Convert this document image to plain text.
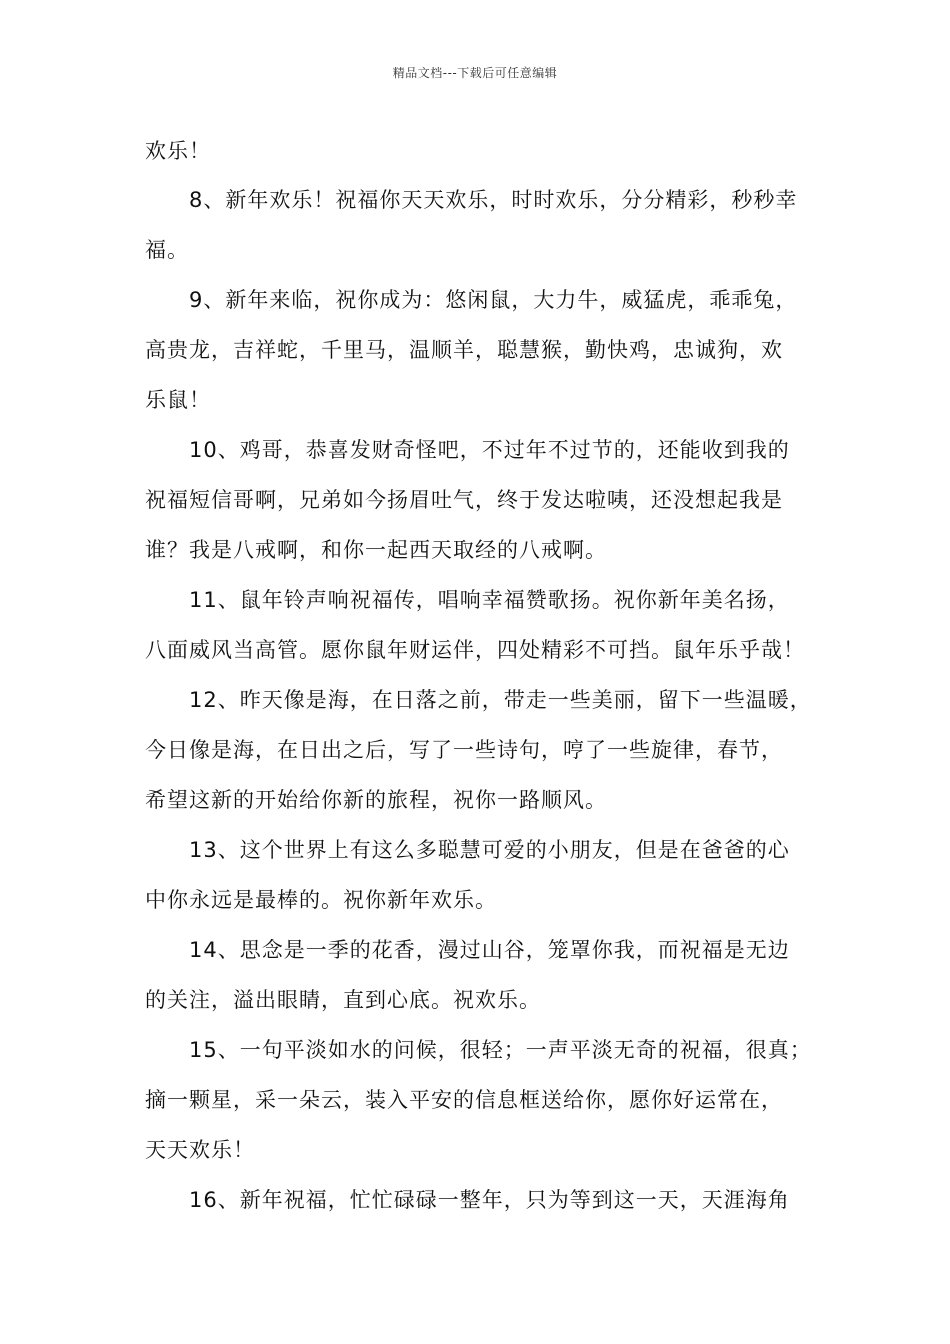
精品文档---下载后可任意编辑
欢乐！
8、新年欢乐！祝福你天天欢乐，时时欢乐，分分精彩，秒秒幸
福。
9、新年来临，祝你成为：悠闲鼠，大力牛，威猛虎，乖乖兔，
高贵龙，吉祥蛇，千里马，温顺羊，聪慧猴，勤快鸡，忠诚狗，欢
乐鼠！
10、鸡哥，恭喜发财奇怪吧，不过年不过节的，还能收到我的
祝福短信哥啊，兄弟如今扬眉吐气，终于发达啦咦，还没想起我是
谁？我是八戒啊，和你一起西天取经的八戒啊。
11、鼠年铃声响祝福传，唱响幸福赞歌扬。祝你新年美名扬，
八面威风当高管。愿你鼠年财运伴，四处精彩不可挡。鼠年乐乎哉！
12、昨天像是海，在日落之前，带走一些美丽，留下一些温暖，
今日像是海，在日出之后，写了一些诗句，哼了一些旋律，春节，
希望这新的开始给你新的旅程，祝你一路顺风。
13、这个世界上有这么多聪慧可爱的小朋友，但是在爸爸的心
中你永远是最棒的。祝你新年欢乐。
14、思念是一季的花香，漫过山谷，笼罩你我，而祝福是无边
的关注，溢出眼睛，直到心底。祝欢乐。
15、一句平淡如水的问候，很轻；一声平淡无奇的祝福，很真；
摘一颗星，采一朵云，装入平安的信息框送给你，愿你好运常在，
天天欢乐！
16、新年祝福，忙忙碌碌一整年，只为等到这一天，天涯海角
